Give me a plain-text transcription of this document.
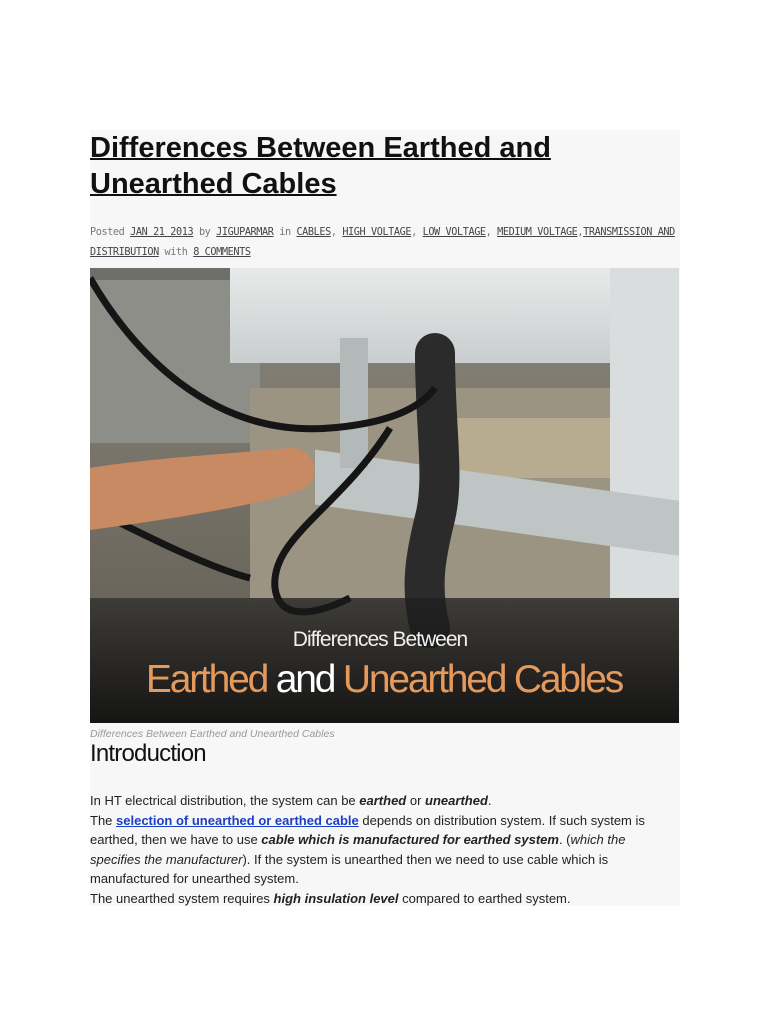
Differences Between Earthed and Unearthed Cables
Posted JAN 21 2013 by JIGUPARMAR in CABLES, HIGH VOLTAGE, LOW VOLTAGE, MEDIUM VOLTAGE,TRANSMISSION AND DISTRIBUTION with 8 COMMENTS
Differences Between
Earthed and Unearthed Cables
Differences Between Earthed and Unearthed Cables
Introduction

In HT electrical distribution, the system can be earthed or unearthed.

The selection of unearthed or earthed cable depends on distribution system. If such system is earthed, then we have to use cable which is manufactured for earthed system. (which the specifies the manufacturer). If the system is unearthed then we need to use cable which is manufactured for unearthed system.

The unearthed system requires high insulation level compared to earthed system.
